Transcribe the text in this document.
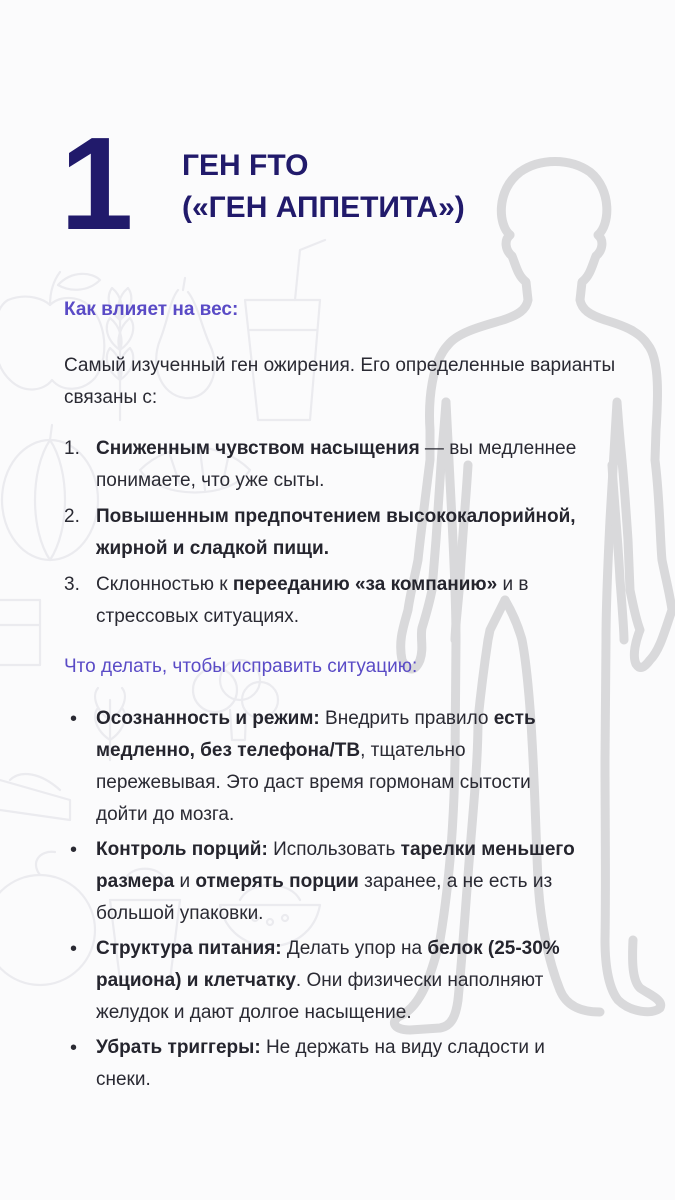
1 ГЕН FTO
(«ГЕН АППЕТИТА»)
Как влияет на вес:
Самый изученный ген ожирения. Его определенные варианты связаны с:
1. Сниженным чувством насыщения — вы медленнее понимаете, что уже сыты.
2. Повышенным предпочтением высококалорийной, жирной и сладкой пищи.
3. Склонностью к перееданию «за компанию» и в стрессовых ситуациях.
Что делать, чтобы исправить ситуацию:
• Осознанность и режим: Внедрить правило есть медленно, без телефона/ТВ, тщательно пережевывая. Это даст время гормонам сытости дойти до мозга.
• Контроль порций: Использовать тарелки меньшего размера и отмерять порции заранее, а не есть из большой упаковки.
• Структура питания: Делать упор на белок (25-30% рациона) и клетчатку. Они физически наполняют желудок и дают долгое насыщение.
• Убрать триггеры: Не держать на виду сладости и снеки.
